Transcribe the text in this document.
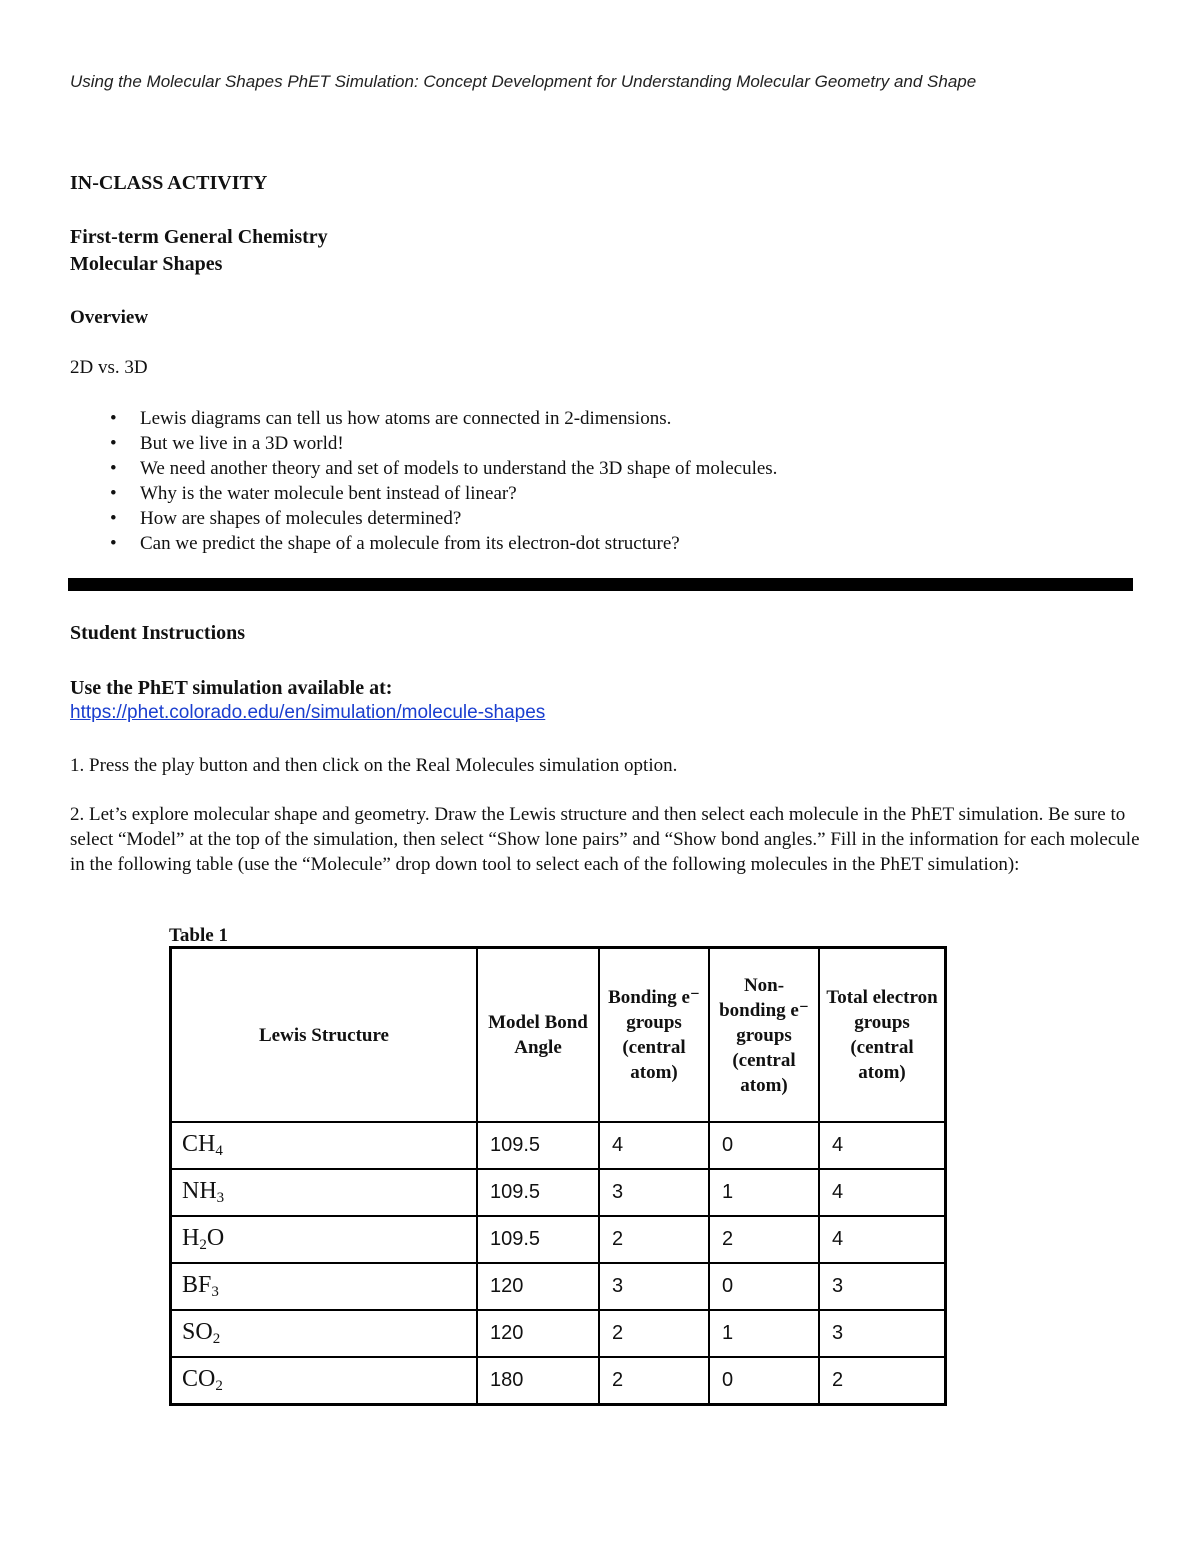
Using the Molecular Shapes PhET Simulation: Concept Development for Understanding Molecular Geometry and Shape
IN-CLASS ACTIVITY
First-term General Chemistry
Molecular Shapes
Overview
2D vs. 3D
• Lewis diagrams can tell us how atoms are connected in 2-dimensions.
• But we live in a 3D world!
• We need another theory and set of models to understand the 3D shape of molecules.
• Why is the water molecule bent instead of linear?
• How are shapes of molecules determined?
• Can we predict the shape of a molecule from its electron-dot structure?
Student Instructions
Use the PhET simulation available at:
https://phet.colorado.edu/en/simulation/molecule-shapes
1. Press the play button and then click on the Real Molecules simulation option.
2. Let’s explore molecular shape and geometry. Draw the Lewis structure and then select each molecule in the PhET simulation. Be sure to select “Model” at the top of the simulation, then select “Show lone pairs” and “Show bond angles.” Fill in the information for each molecule in the following table (use the “Molecule” drop down tool to select each of the following molecules in the PhET simulation):
Table 1
Lewis Structure	Model Bond Angle	Bonding e⁻ groups (central atom)	Non-bonding e⁻ groups (central atom)	Total electron groups (central atom)
$CH_4$	109.5	4	0	4
$NH_3$	109.5	3	1	4
$H_2O$	109.5	2	2	4
$BF_3$	120	3	0	3
$SO_2$	120	2	1	3
$CO_2$	180	2	0	2
